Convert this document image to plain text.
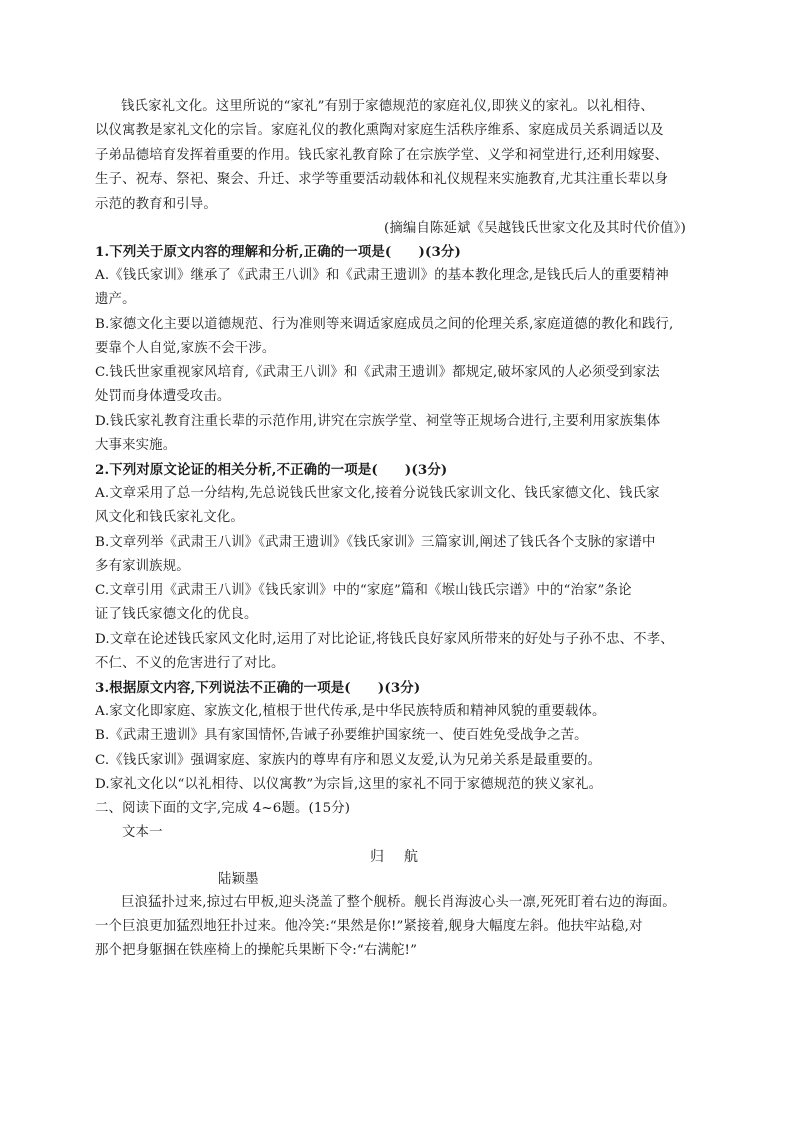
钱氏家礼文化。这里所说的“家礼”有别于家德规范的家庭礼仪,即狭义的家礼。以礼相待、
以仪寓教是家礼文化的宗旨。家庭礼仪的教化熏陶对家庭生活秩序维系、家庭成员关系调适以及
子弟品德培育发挥着重要的作用。钱氏家礼教育除了在宗族学堂、义学和祠堂进行,还利用嫁娶、
生子、祝寿、祭祀、聚会、升迁、求学等重要活动载体和礼仪规程来实施教育,尤其注重长辈以身
示范的教育和引导。
(摘编自陈延斌《吴越钱氏世家文化及其时代价值》)
1.下列关于原文内容的理解和分析,正确的一项是(　　)(3分)
A.《钱氏家训》继承了《武肃王八训》和《武肃王遗训》的基本教化理念,是钱氏后人的重要精神
遗产。
B.家德文化主要以道德规范、行为准则等来调适家庭成员之间的伦理关系,家庭道德的教化和践行,
要靠个人自觉,家族不会干涉。
C.钱氏世家重视家风培育,《武肃王八训》和《武肃王遗训》都规定,破坏家风的人必须受到家法
处罚而身体遭受攻击。
D.钱氏家礼教育注重长辈的示范作用,讲究在宗族学堂、祠堂等正规场合进行,主要利用家族集体
大事来实施。
2.下列对原文论证的相关分析,不正确的一项是(　　)(3分)
A.文章采用了总一分结构,先总说钱氏世家文化,接着分说钱氏家训文化、钱氏家德文化、钱氏家
风文化和钱氏家礼文化。
B.文章列举《武肃王八训》《武肃王遗训》《钱氏家训》三篇家训,阐述了钱氏各个支脉的家谱中
多有家训族规。
C.文章引用《武肃王八训》《钱氏家训》中的“家庭”篇和《堠山钱氏宗谱》中的“治家”条论
证了钱氏家德文化的优良。
D.文章在论述钱氏家风文化时,运用了对比论证,将钱氏良好家风所带来的好处与子孙不忠、不孝、
不仁、不义的危害进行了对比。
3.根据原文内容,下列说法不正确的一项是(　　)(3分)
A.家文化即家庭、家族文化,植根于世代传承,是中华民族特质和精神风貌的重要载体。
B.《武肃王遗训》具有家国情怀,告诫子孙要维护国家统一、使百姓免受战争之苦。
C.《钱氏家训》强调家庭、家族内的尊卑有序和恩义友爱,认为兄弟关系是最重要的。
D.家礼文化以“以礼相待、以仪寓教”为宗旨,这里的家礼不同于家德规范的狭义家礼。
二、阅读下面的文字,完成 4~6题。(15分)
文本一
归航
陆颖墨
巨浪猛扑过来,掠过右甲板,迎头浇盖了整个舰桥。舰长肖海波心头一凛,死死盯着右边的海面。
一个巨浪更加猛烈地狂扑过来。他冷笑:“果然是你!”紧接着,舰身大幅度左斜。他扶牢站稳,对
那个把身躯捆在铁座椅上的操舵兵果断下令:“右满舵!”
